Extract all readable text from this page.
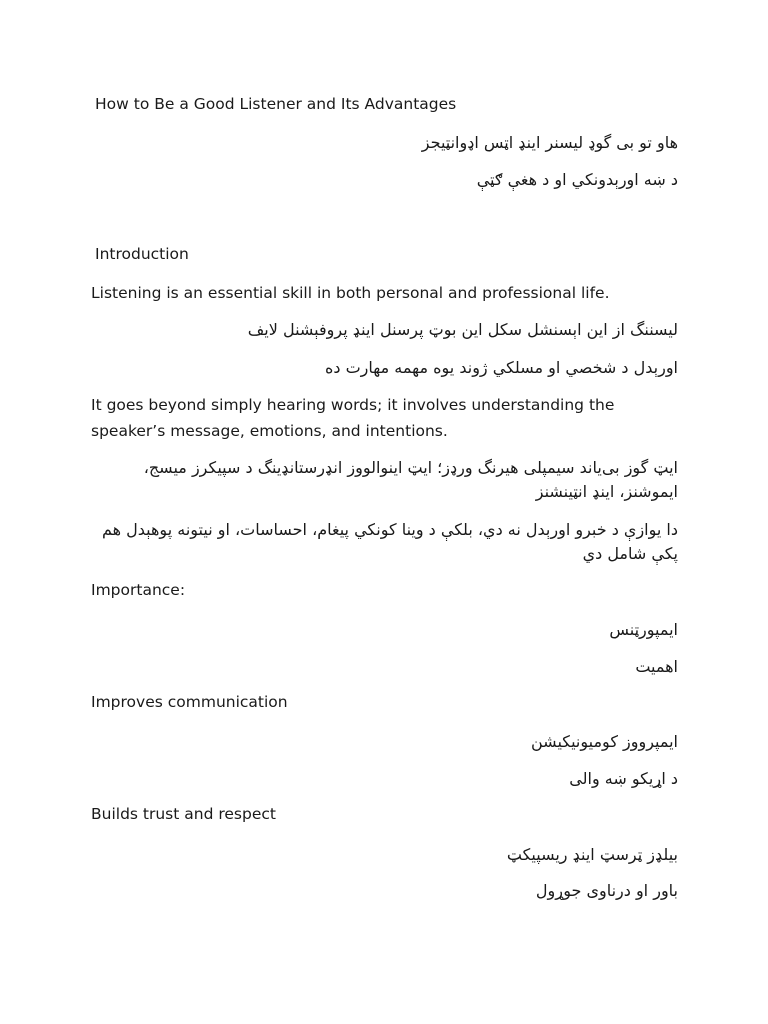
How to Be a Good Listener and Its Advantages
هاو تو بی گوډ لیسنر اینډ اټس اډوانټیجز
د ښه اورېدونکي او د هغې ګټې
Introduction
Listening is an essential skill in both personal and professional life.
لیسننگ از این اېسنشل سکل این بوټ پرسنل اینډ پروفېشنل لایف
اورېدل د شخصي او مسلکي ژوند یوه مهمه مهارت ده
It goes beyond simply hearing words; it involves understanding the speaker’s message, emotions, and intentions.
ایټ گوز بی‌یاند سیمپلی هیرنگ ورډز؛ ایټ اینوالووز انډرستانډینگ د سپیکرز میسج، ایموشنز، اینډ انټینشنز
دا یوازې د خبرو اورېدل نه دي، بلکې د وینا کونکي پیغام، احساسات، او نیتونه پوهېدل هم پکې شامل دي
Importance:
ایمپورټنس
اهمیت
Improves communication
ایمپرووز کومیونیکیشن
د اړیکو ښه والی
Builds trust and respect
بیلډز ټرسټ اینډ ریسپیکټ
باور او درناوی جوړول
